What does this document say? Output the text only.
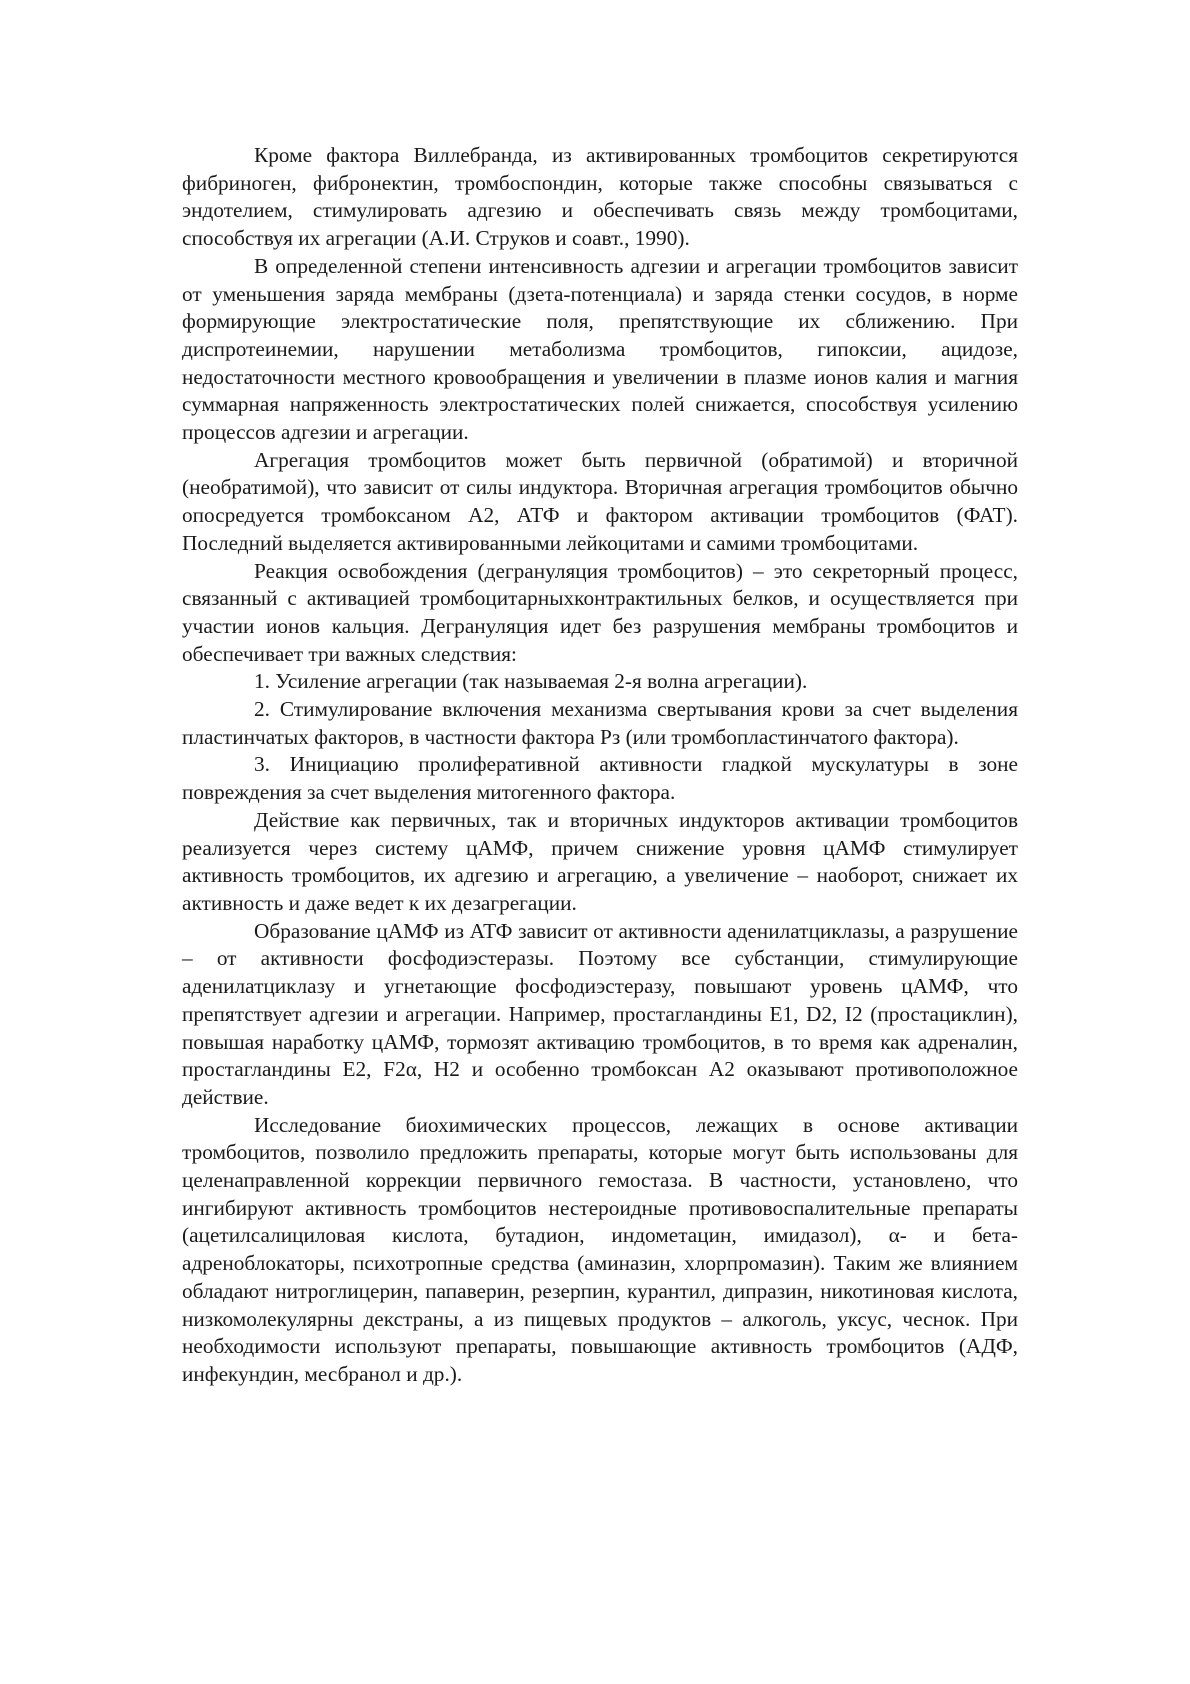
Кроме фактора Виллебранда, из активированных тромбоцитов секретируются фибриноген, фибронектин, тромбоспондин, которые также способны связываться с эндотелием, стимулировать адгезию и обеспечивать связь между тромбоцитами, способствуя их агрегации (А.И. Струков и соавт., 1990).

В определенной степени интенсивность адгезии и агрегации тромбоцитов зависит от уменьшения заряда мембраны (дзета-потенциала) и заряда стенки сосудов, в норме формирующие электростатические поля, препятствующие их сближению. При диспротеинемии, нарушении метаболизма тромбоцитов, гипоксии, ацидозе, недостаточности местного кровообращения и увеличении в плазме ионов калия и магния суммарная напряженность электростатических полей снижается, способствуя усилению процессов адгезии и агрегации.

Агрегация тромбоцитов может быть первичной (обратимой) и вторичной (необратимой), что зависит от силы индуктора. Вторичная агрегация тромбоцитов обычно опосредуется тромбоксаном А2, АТФ и фактором активации тромбоцитов (ФАТ). Последний выделяется активированными лейкоцитами и самими тромбоцитами.

Реакция освобождения (дегрануляция тромбоцитов) – это секреторный процесс, связанный с активацией тромбоцитарныхконтрактильных белков, и осуществляется при участии ионов кальция. Дегрануляция идет без разрушения мембраны тромбоцитов и обеспечивает три важных следствия:

1. Усиление агрегации (так называемая 2-я волна агрегации).

2. Стимулирование включения механизма свертывания крови за счет выделения пластинчатых факторов, в частности фактора Рз (или тромбопластинчатого фактора).

3. Инициацию пролиферативной активности гладкой мускулатуры в зоне повреждения за счет выделения митогенного фактора.

Действие как первичных, так и вторичных индукторов активации тромбоцитов реализуется через систему цАМФ, причем снижение уровня цАМФ стимулирует активность тромбоцитов, их адгезию и агрегацию, а увеличение – наоборот, снижает их активность и даже ведет к их дезагрегации.

Образование цАМФ из АТФ зависит от активности аденилатциклазы, а разрушение – от активности фосфодиэстеразы. Поэтому все субстанции, стимулирующие аденилатциклазу и угнетающие фосфодиэстеразу, повышают уровень цАМФ, что препятствует адгезии и агрегации. Например, простагландины Е1, D2, I2 (простациклин), повышая наработку цАМФ, тормозят активацию тромбоцитов, в то время как адреналин, простагландины Е2, F2α, Н2 и особенно тромбоксан А2 оказывают противоположное действие.

Исследование биохимических процессов, лежащих в основе активации тромбоцитов, позволило предложить препараты, которые могут быть использованы для целенаправленной коррекции первичного гемостаза. В частности, установлено, что ингибируют активность тромбоцитов нестероидные противовоспалительные препараты (ацетилсалициловая кислота, бутадион, индометацин, имидазол), α- и бета-адреноблокаторы, психотропные средства (аминазин, хлорпромазин). Таким же влиянием обладают нитроглицерин, папаверин, резерпин, курантил, дипразин, никотиновая кислота, низкомолекулярны декстраны, а из пищевых продуктов – алкоголь, уксус, чеснок. При необходимости используют препараты, повышающие активность тромбоцитов (АДФ, инфекундин, месбранол и др.).
